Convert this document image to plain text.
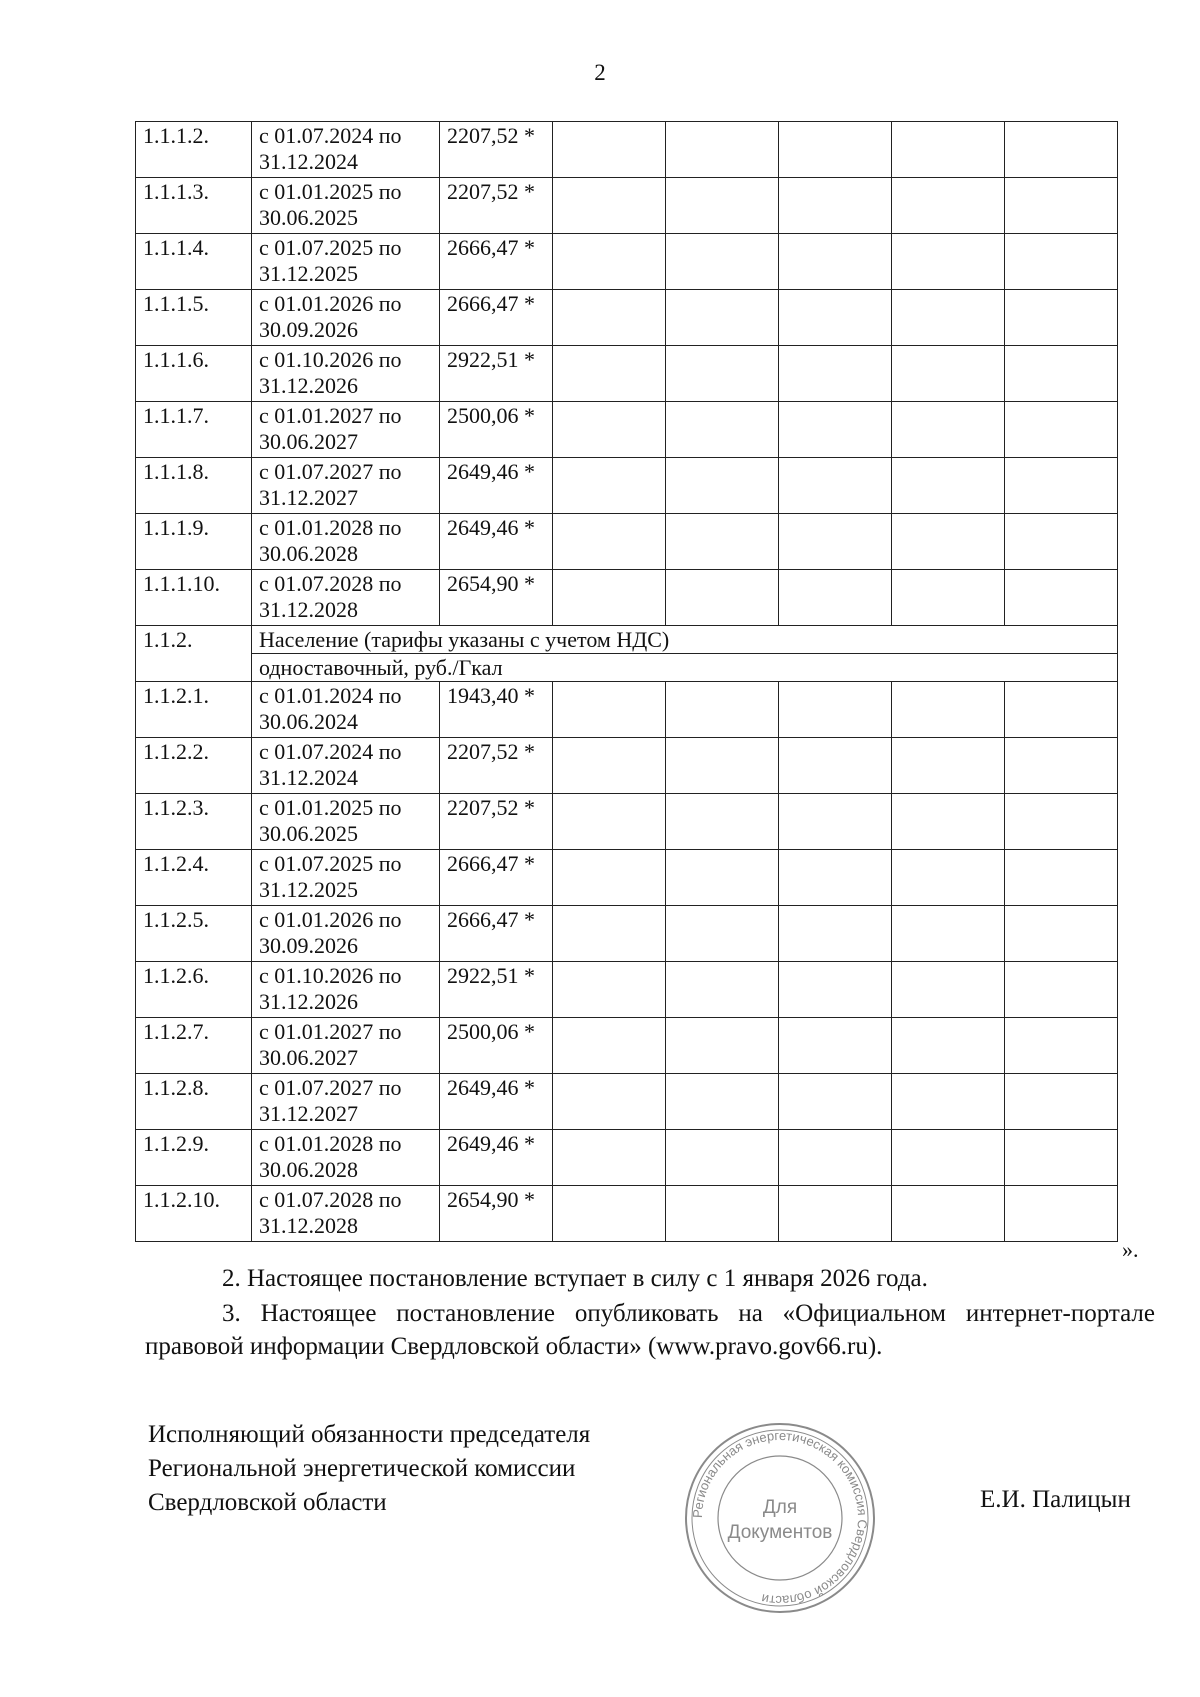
2
1.1.1.2.	с 01.07.2024 по 31.12.2024	2207,52 *					
1.1.1.3.	с 01.01.2025 по 30.06.2025	2207,52 *					
1.1.1.4.	с 01.07.2025 по 31.12.2025	2666,47 *					
1.1.1.5.	с 01.01.2026 по 30.09.2026	2666,47 *					
1.1.1.6.	с 01.10.2026 по 31.12.2026	2922,51 *					
1.1.1.7.	с 01.01.2027 по 30.06.2027	2500,06 *					
1.1.1.8.	с 01.07.2027 по 31.12.2027	2649,46 *					
1.1.1.9.	с 01.01.2028 по 30.06.2028	2649,46 *					
1.1.1.10.	с 01.07.2028 по 31.12.2028	2654,90 *					
1.1.2.	Население (тарифы указаны с учетом НДС)						
	одноставочный, руб./Гкал						
1.1.2.1.	с 01.01.2024 по 30.06.2024	1943,40 *					
1.1.2.2.	с 01.07.2024 по 31.12.2024	2207,52 *					
1.1.2.3.	с 01.01.2025 по 30.06.2025	2207,52 *					
1.1.2.4.	с 01.07.2025 по 31.12.2025	2666,47 *					
1.1.2.5.	с 01.01.2026 по 30.09.2026	2666,47 *					
1.1.2.6.	с 01.10.2026 по 31.12.2026	2922,51 *					
1.1.2.7.	с 01.01.2027 по 30.06.2027	2500,06 *					
1.1.2.8.	с 01.07.2027 по 31.12.2027	2649,46 *					
1.1.2.9.	с 01.01.2028 по 30.06.2028	2649,46 *					
1.1.2.10.	с 01.07.2028 по 31.12.2028	2654,90 *					
».
2. Настоящее постановление вступает в силу с 1 января 2026 года.
3. Настоящее постановление опубликовать на «Официальном интернет-портале правовой информации Свердловской области» (www.pravo.gov66.ru).
Исполняющий обязанности председателя
Региональной энергетической комиссии
Свердловской области	Региональная энергетическая комиссия Свердловской области
Для
Документов
Е.И. Палицын
